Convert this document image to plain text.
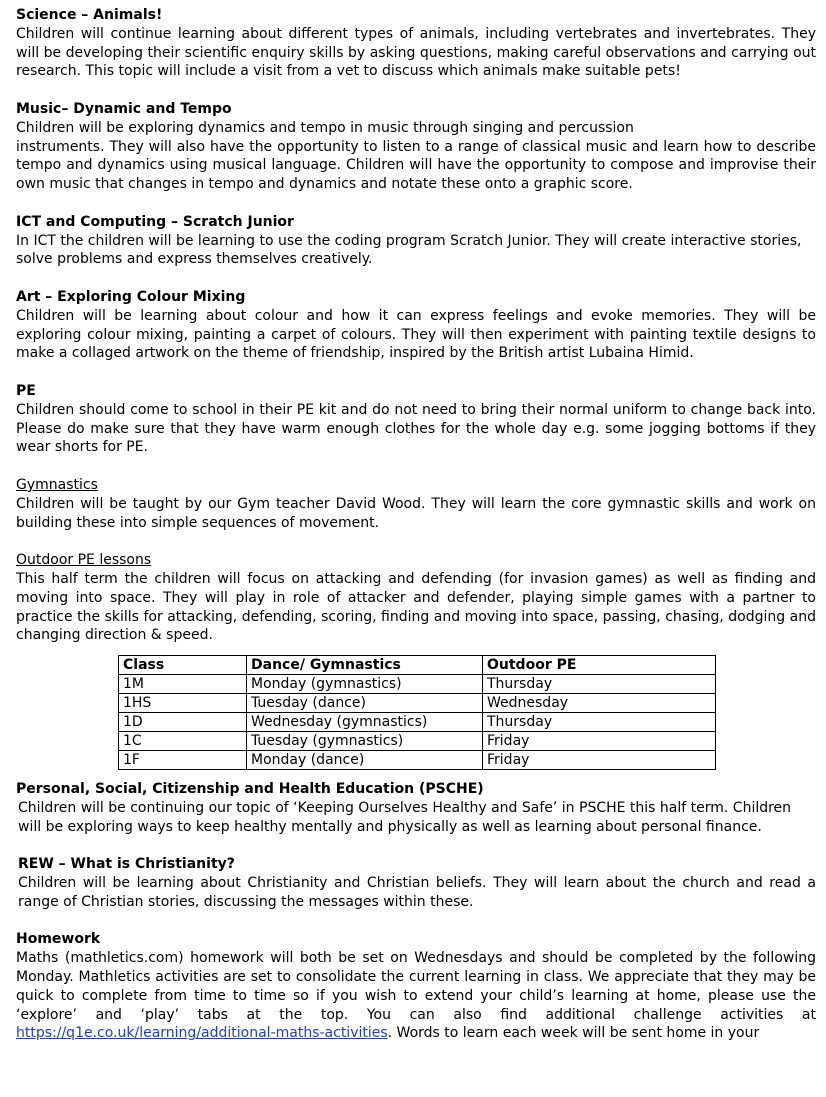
Science – Animals!

Children will continue learning about different types of animals, including vertebrates and invertebrates. They will be developing their scientific enquiry skills by asking questions, making careful observations and carrying out research. This topic will include a visit from a vet to discuss which animals make suitable pets!

Music– Dynamic and Tempo
Children will be exploring dynamics and tempo in music through singing and percussion

instruments. They will also have the opportunity to listen to a range of classical music and learn how to describe tempo and dynamics using musical language. Children will have the opportunity to compose and improvise their own music that changes in tempo and dynamics and notate these onto a graphic score.

ICT and Computing – Scratch Junior

In ICT the children will be learning to use the coding program Scratch Junior. They will create interactive stories, solve problems and express themselves creatively.

Art – Exploring Colour Mixing

Children will be learning about colour and how it can express feelings and evoke memories. They will be exploring colour mixing, painting a carpet of colours. They will then experiment with painting textile designs to make a collaged artwork on the theme of friendship, inspired by the British artist Lubaina Himid.

PE

Children should come to school in their PE kit and do not need to bring their normal uniform to change back into. Please do make sure that they have warm enough clothes for the whole day e.g. some jogging bottoms if they wear shorts for PE.

Gymnastics

Children will be taught by our Gym teacher David Wood. They will learn the core gymnastic skills and work on building these into simple sequences of movement.

Outdoor PE lessons

This half term the children will focus on attacking and defending (for invasion games) as well as finding and moving into space. They will play in role of attacker and defender, playing simple games with a partner to practice the skills for attacking, defending, scoring, finding and moving into space, passing, chasing, dodging and changing direction & speed.

Class	Dance/ Gymnastics	Outdoor PE
1M	Monday (gymnastics)	Thursday
1HS	Tuesday (dance)	Wednesday
1D	Wednesday (gymnastics)	Thursday
1C	Tuesday (gymnastics)	Friday
1F	Monday (dance)	Friday
Personal, Social, Citizenship and Health Education (PSCHE)

Children will be continuing our topic of ‘Keeping Ourselves Healthy and Safe’ in PSCHE this half term. Children will be exploring ways to keep healthy mentally and physically as well as learning about personal finance.

REW – What is Christianity?

Children will be learning about Christianity and Christian beliefs. They will learn about the church and read a range of Christian stories, discussing the messages within these.

Homework

Maths (mathletics.com) homework will both be set on Wednesdays and should be completed by the following Monday. Mathletics activities are set to consolidate the current learning in class. We appreciate that they may be quick to complete from time to time so if you wish to extend your child’s learning at home, please use the ‘explore’ and ‘play’ tabs at the top. You can also find additional challenge activities at https://q1e.co.uk/learning/additional-maths-activities. Words to learn each week will be sent home in your
